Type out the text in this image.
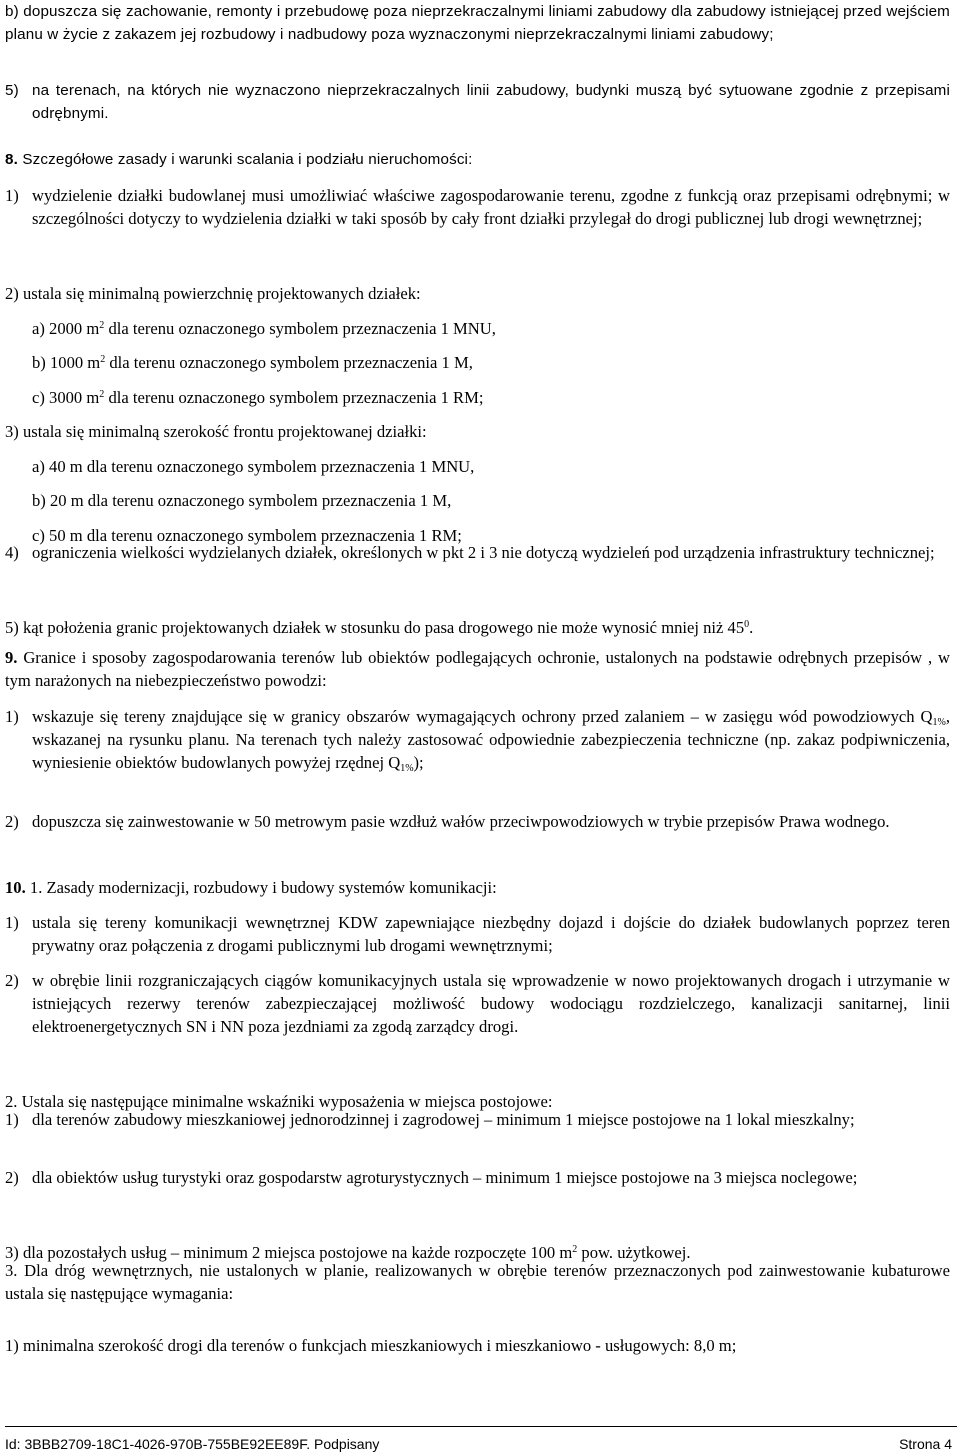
b) dopuszcza się zachowanie, remonty i przebudowę poza nieprzekraczalnymi liniami zabudowy dla zabudowy istniejącej przed wejściem planu w życie z zakazem jej rozbudowy i nadbudowy poza wyznaczonymi nieprzekraczalnymi liniami zabudowy;

5) na terenach, na których nie wyznaczono nieprzekraczalnych linii zabudowy, budynki muszą być sytuowane zgodnie z przepisami odrębnymi.

8. Szczegółowe zasady i warunki scalania i podziału nieruchomości:

1) wydzielenie działki budowlanej musi umożliwiać właściwe zagospodarowanie terenu, zgodne z funkcją oraz przepisami odrębnymi; w szczególności dotyczy to wydzielenia działki w taki sposób by cały front działki przylegał do drogi publicznej lub drogi wewnętrznej;

2) ustala się minimalną powierzchnię projektowanych działek:

a) 2000 $m^2$ dla terenu oznaczonego symbolem przeznaczenia 1 MNU,

b) 1000 $m^2$ dla terenu oznaczonego symbolem przeznaczenia 1 M,

c) 3000 $m^2$ dla terenu oznaczonego symbolem przeznaczenia 1 RM;

3) ustala się minimalną szerokość frontu projektowanej działki:

a) 40 m dla terenu oznaczonego symbolem przeznaczenia 1 MNU,

b) 20 m dla terenu oznaczonego symbolem przeznaczenia 1 M,

c) 50 m dla terenu oznaczonego symbolem przeznaczenia 1 RM;

4) ograniczenia wielkości wydzielanych działek, określonych w pkt 2 i 3 nie dotyczą wydzieleń pod urządzenia infrastruktury technicznej;

5) kąt położenia granic projektowanych działek w stosunku do pasa drogowego nie może wynosić mniej niż $45^0$.

9. Granice i sposoby zagospodarowania terenów lub obiektów podlegających ochronie, ustalonych na podstawie odrębnych przepisów , w tym narażonych na niebezpieczeństwo powodzi:

1) wskazuje się tereny znajdujące się w granicy obszarów wymagających ochrony przed zalaniem – w zasięgu wód powodziowych Q1%, wskazanej na rysunku planu. Na terenach tych należy zastosować odpowiednie zabezpieczenia techniczne (np. zakaz podpiwniczenia, wyniesienie obiektów budowlanych powyżej rzędnej Q1%);
2) dopuszcza się zainwestowanie w 50 metrowym pasie wzdłuż wałów przeciwpowodziowych w trybie przepisów Prawa wodnego.

10. 1. Zasady modernizacji, rozbudowy i budowy systemów komunikacji:

1) ustala się tereny komunikacji wewnętrznej KDW zapewniające niezbędny dojazd i dojście do działek budowlanych poprzez teren prywatny oraz połączenia z drogami publicznymi lub drogami wewnętrznymi;
2) w obrębie linii rozgraniczających ciągów komunikacyjnych ustala się wprowadzenie w nowo projektowanych drogach i utrzymanie w istniejących rezerwy terenów zabezpieczającej możliwość budowy wodociągu rozdzielczego, kanalizacji sanitarnej, linii elektroenergetycznych SN i NN poza jezdniami za zgodą zarządcy drogi.

2. Ustala się następujące minimalne wskaźniki wyposażenia w miejsca postojowe:

1) dla terenów zabudowy mieszkaniowej jednorodzinnej i zagrodowej – minimum 1 miejsce postojowe na 1 lokal mieszkalny;
2) dla obiektów usług turystyki oraz gospodarstw agroturystycznych – minimum 1 miejsce postojowe na 3 miejsca noclegowe;

3) dla pozostałych usług – minimum 2 miejsca postojowe na każde rozpoczęte 100 $m^2$ pow. użytkowej.

3. Dla dróg wewnętrznych, nie ustalonych w planie, realizowanych w obrębie terenów przeznaczonych pod zainwestowanie kubaturowe ustala się następujące wymagania:

1) minimalna szerokość drogi dla terenów o funkcjach mieszkaniowych i mieszkaniowo - usługowych: 8,0 m;

Id: 3BBB2709-18C1-4026-970B-755BE92EE89F. Podpisany	Strona 4
